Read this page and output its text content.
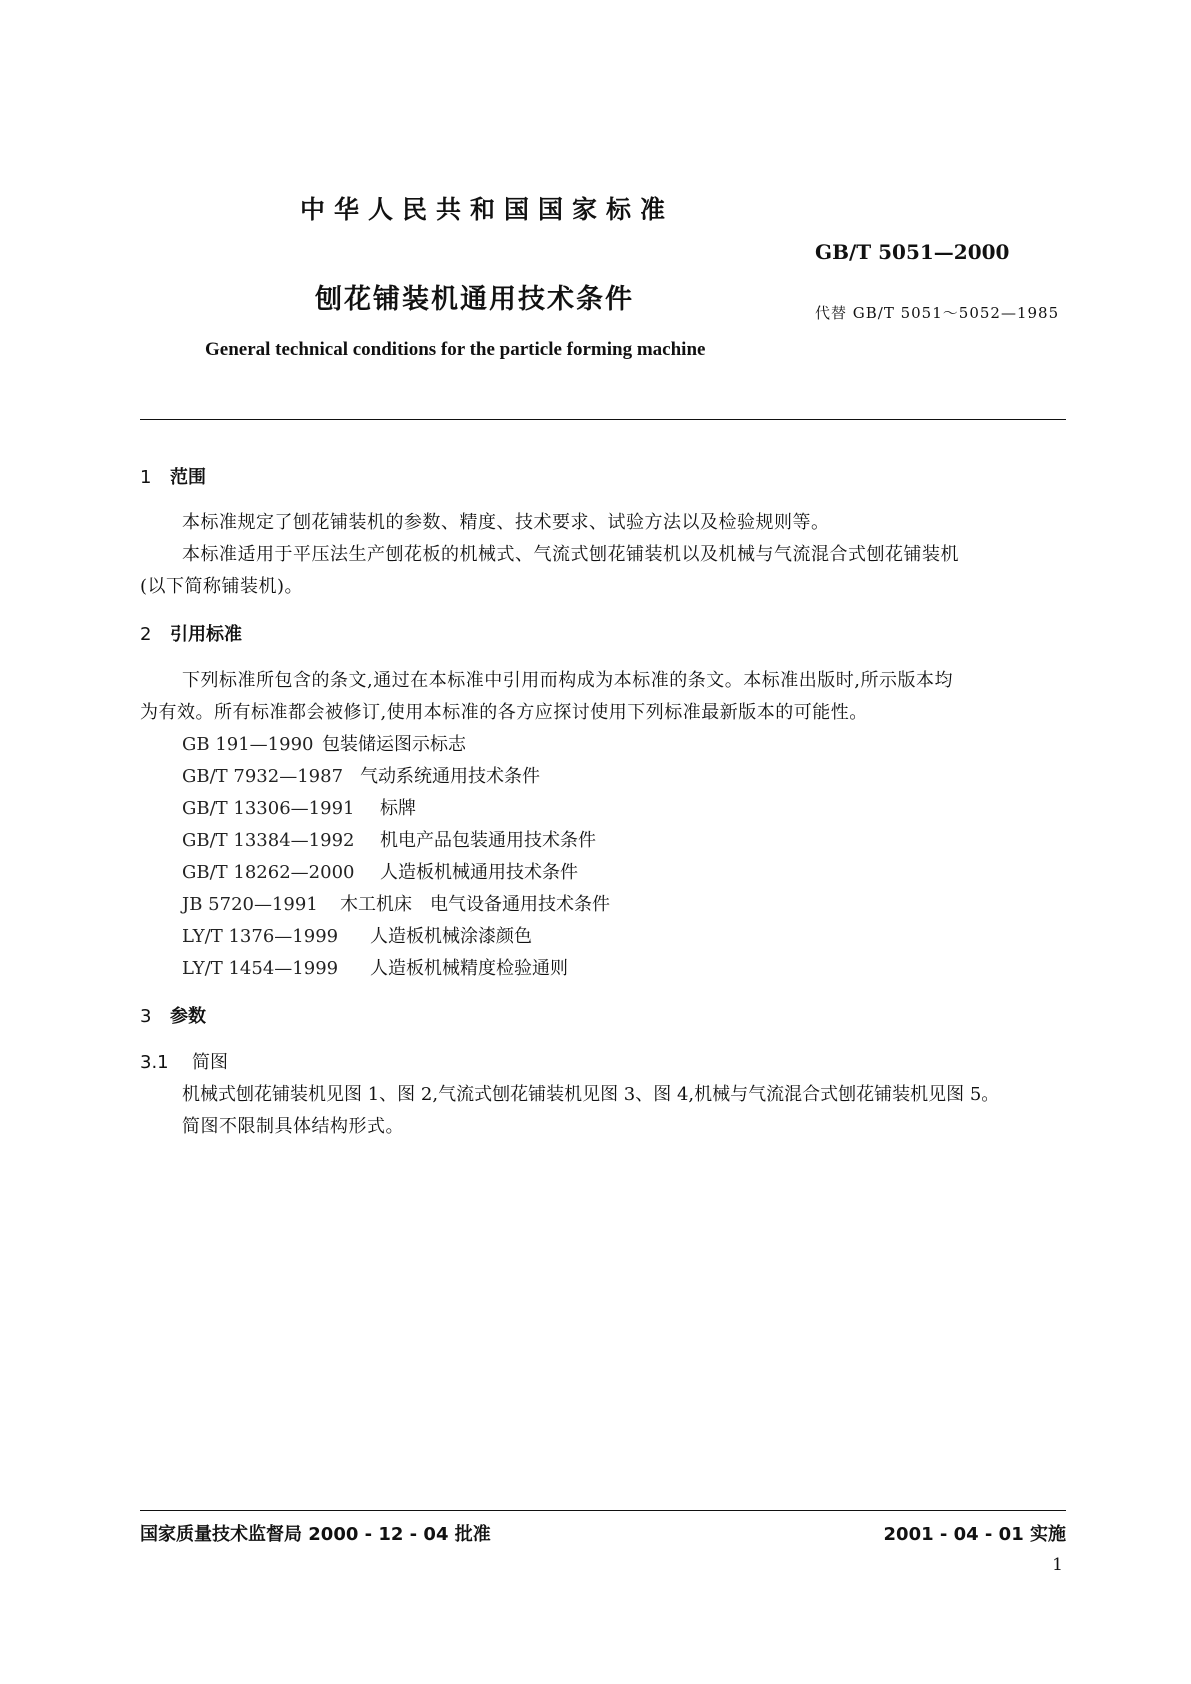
中华人民共和国国家标准
GB/T 5051—2000
刨花铺装机通用技术条件	代替 GB/T 5051～5052—1985
General technical conditions for the particle forming machine
1 范围
本标准规定了刨花铺装机的参数、精度、技术要求、试验方法以及检验规则等。
本标准适用于平压法生产刨花板的机械式、气流式刨花铺装机以及机械与气流混合式刨花铺装机
(以下简称铺装机)。
2 引用标准
下列标准所包含的条文,通过在本标准中引用而构成为本标准的条文。本标准出版时,所示版本均
为有效。所有标准都会被修订,使用本标准的各方应探讨使用下列标准最新版本的可能性。
GB 191—1990 包装储运图示标志
GB/T 7932—1987 气动系统通用技术条件
GB/T 13306—1991 标牌
GB/T 13384—1992 机电产品包装通用技术条件
GB/T 18262—2000 人造板机械通用技术条件
JB 5720—1991 木工机床　电气设备通用技术条件
LY/T 1376—1999 人造板机械涂漆颜色
LY/T 1454—1999 人造板机械精度检验通则
3 参数
3.1 简图
机械式刨花铺装机见图 1、图 2,气流式刨花铺装机见图 3、图 4,机械与气流混合式刨花铺装机见图 5。
简图不限制具体结构形式。
国家质量技术监督局 2000 - 12 - 04 批准	2001 - 04 - 01 实施
1
